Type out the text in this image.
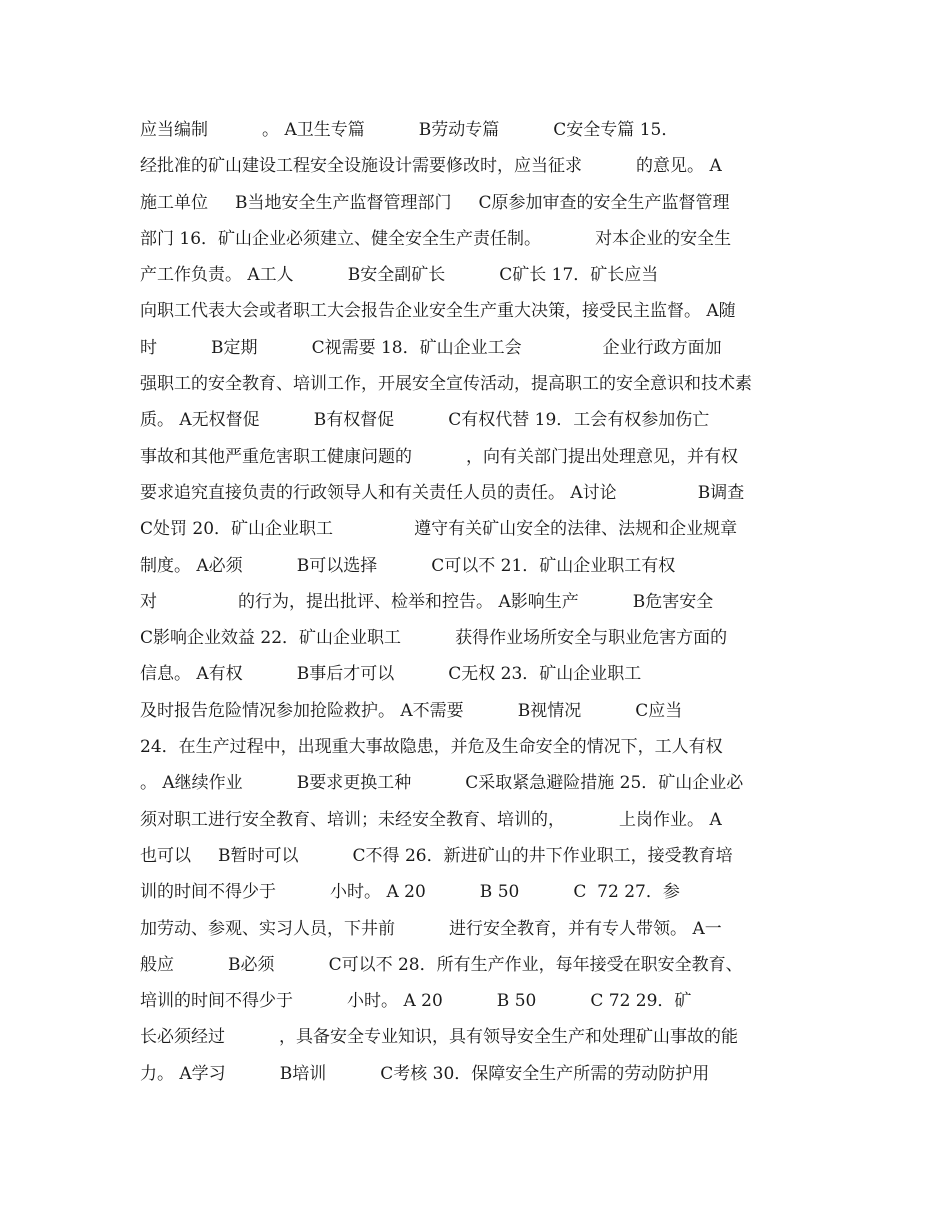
应当编制          。 A卫生专篇          B劳动专篇          C安全专篇 15．
经批准的矿山建设工程安全设施设计需要修改时，应当征求          的意见。 A
施工单位     B当地安全生产监督管理部门     C原参加审查的安全生产监督管理
部门 16．矿山企业必须建立、健全安全生产责任制。          对本企业的安全生
产工作负责。 A工人          B安全副矿长          C矿长 17．矿长应当
向职工代表大会或者职工大会报告企业安全生产重大决策，接受民主监督。 A随
时          B定期          C视需要 18．矿山企业工会               企业行政方面加
强职工的安全教育、培训工作，开展安全宣传活动，提高职工的安全意识和技术素
质。 A无权督促          B有权督促          C有权代替 19．工会有权参加伤亡
事故和其他严重危害职工健康问题的          ，向有关部门提出处理意见，并有权
要求追究直接负责的行政领导人和有关责任人员的责任。 A讨论               B调查
C处罚 20．矿山企业职工               遵守有关矿山安全的法律、法规和企业规章
制度。 A必须          B可以选择          C可以不 21．矿山企业职工有权
对               的行为，提出批评、检举和控告。 A影响生产          B危害安全
C影响企业效益 22．矿山企业职工          获得作业场所安全与职业危害方面的
信息。 A有权          B事后才可以          C无权 23．矿山企业职工
及时报告危险情况参加抢险救护。 A不需要          B视情况          C应当
24．在生产过程中，出现重大事故隐患，并危及生命安全的情况下，工人有权
。 A继续作业          B要求更换工种          C采取紧急避险措施 25．矿山企业必
须对职工进行安全教育、培训；未经安全教育、培训的，          上岗作业。 A
也可以     B暂时可以          C不得 26．新进矿山的井下作业职工，接受教育培
训的时间不得少于          小时。 A 20          B 50          C  72 27．参
加劳动、参观、实习人员，下井前          进行安全教育，并有专人带领。 A一
般应          B必须          C可以不 28．所有生产作业，每年接受在职安全教育、
培训的时间不得少于          小时。 A 20          B 50          C 72 29．矿
长必须经过          ，具备安全专业知识，具有领导安全生产和处理矿山事故的能
力。 A学习          B培训          C考核 30．保障安全生产所需的劳动防护用
